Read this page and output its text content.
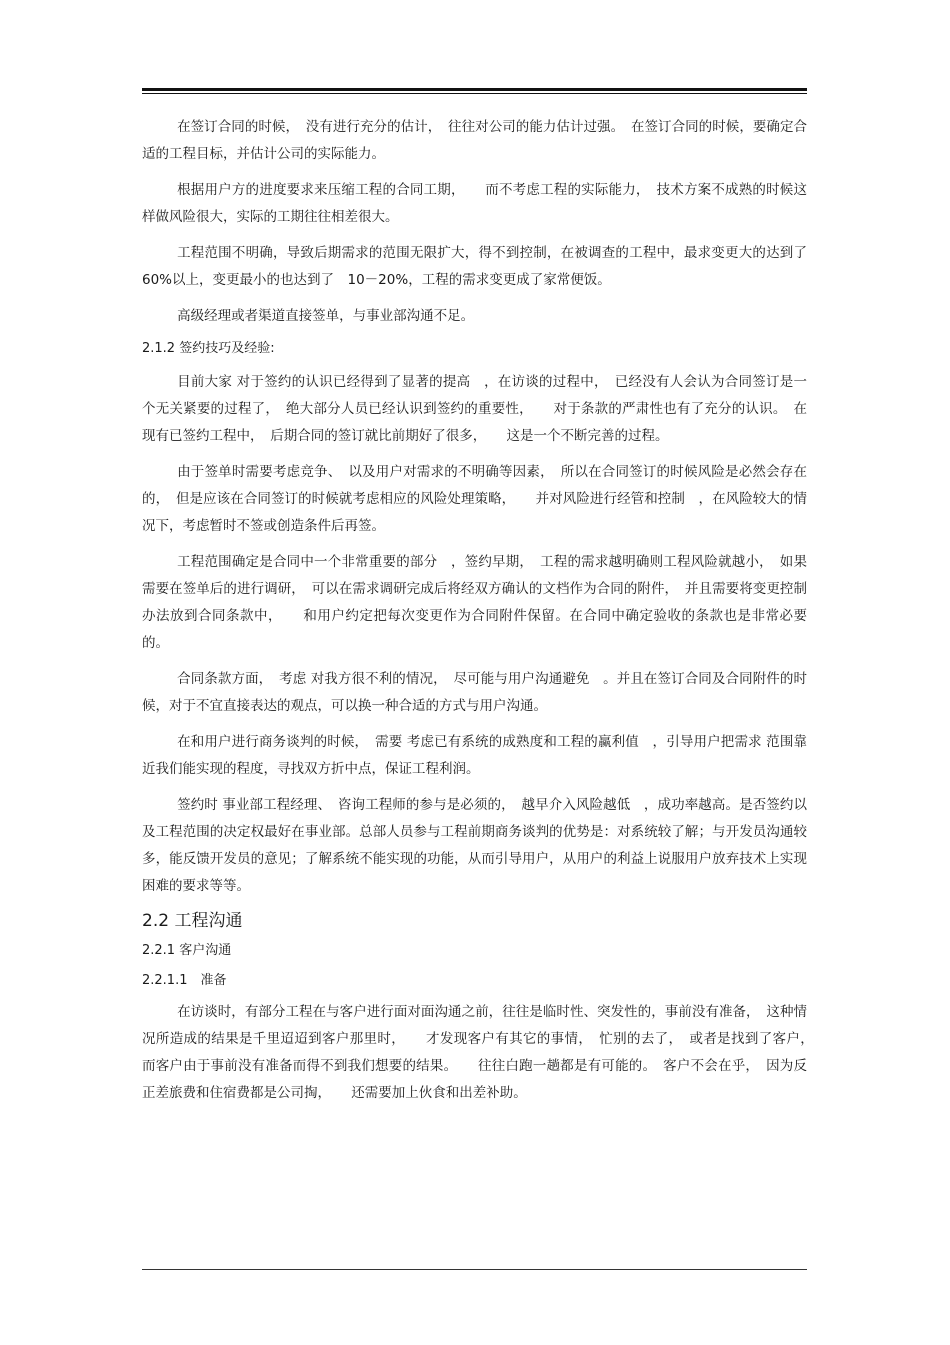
在签订合同的时候，　没有进行充分的估计，　往往对公司的能力估计过强。　在签订合同的时候，要确定合适的工程目标，并估计公司的实际能力。

根据用户方的进度要求来压缩工程的合同工期，　　而不考虑工程的实际能力，　技术方案不成熟的时候这样做风险很大，实际的工期往往相差很大。

工程范围不明确，导致后期需求的范围无限扩大，得不到控制，在被调查的工程中，最求变更大的达到了　60%以上，变更最小的也达到了　10－20%，工程的需求变更成了家常便饭。

高级经理或者渠道直接签单，与事业部沟通不足。

2.1.2 签约技巧及经验:

目前大家 对于签约的认识已经得到了显著的提高　，在访谈的过程中，　已经没有人会认为合同签订是一个无关紧要的过程了，　绝大部分人员已经认识到签约的重要性，　　对于条款的严肃性也有了充分的认识。　在现有已签约工程中，　后期合同的签订就比前期好了很多，　　这是一个不断完善的过程。

由于签单时需要考虑竞争、　以及用户对需求的不明确等因素，　所以在合同签订的时候风险是必然会存在的，　但是应该在合同签订的时候就考虑相应的风险处理策略，　　并对风险进行经管和控制　，在风险较大的情况下，考虑暂时不签或创造条件后再签。

工程范围确定是合同中一个非常重要的部分　，签约早期，　工程的需求越明确则工程风险就越小，　如果需要在签单后的进行调研，　可以在需求调研完成后将经双方确认的文档作为合同的附件，　并且需要将变更控制办法放到合同条款中，　　和用户约定把每次变更作为合同附件保留。在合同中确定验收的条款也是非常必要的。

合同条款方面，　考虑 对我方很不利的情况，　尽可能与用户沟通避免　。并且在签订合同及合同附件的时候，对于不宜直接表达的观点，可以换一种合适的方式与用户沟通。

在和用户进行商务谈判的时候，　需要 考虑已有系统的成熟度和工程的赢利值　，引导用户把需求 范围靠近我们能实现的程度，寻找双方折中点，保证工程利润。

签约时 事业部工程经理、　咨询工程师的参与是必须的，　越早介入风险越低　，成功率越高。是否签约以及工程范围的决定权最好在事业部。总部人员参与工程前期商务谈判的优势是：对系统较了解；与开发员沟通较多，能反馈开发员的意见；了解系统不能实现的功能，从而引导用户，从用户的利益上说服用户放弃技术上实现困难的要求等等。

2.2 工程沟通
2.2.1 客户沟通
2.2.1.1　准备

在访谈时，有部分工程在与客户进行面对面沟通之前，往往是临时性、突发性的，事前没有准备，　这种情况所造成的结果是千里迢迢到客户那里时，　　才发现客户有其它的事情，　忙别的去了，　或者是找到了客户，　而客户由于事前没有准备而得不到我们想要的结果。　　往往白跑一趟都是有可能的。　客户不会在乎，　因为反正差旅费和住宿费都是公司掏，　　还需要加上伙食和出差补助。
